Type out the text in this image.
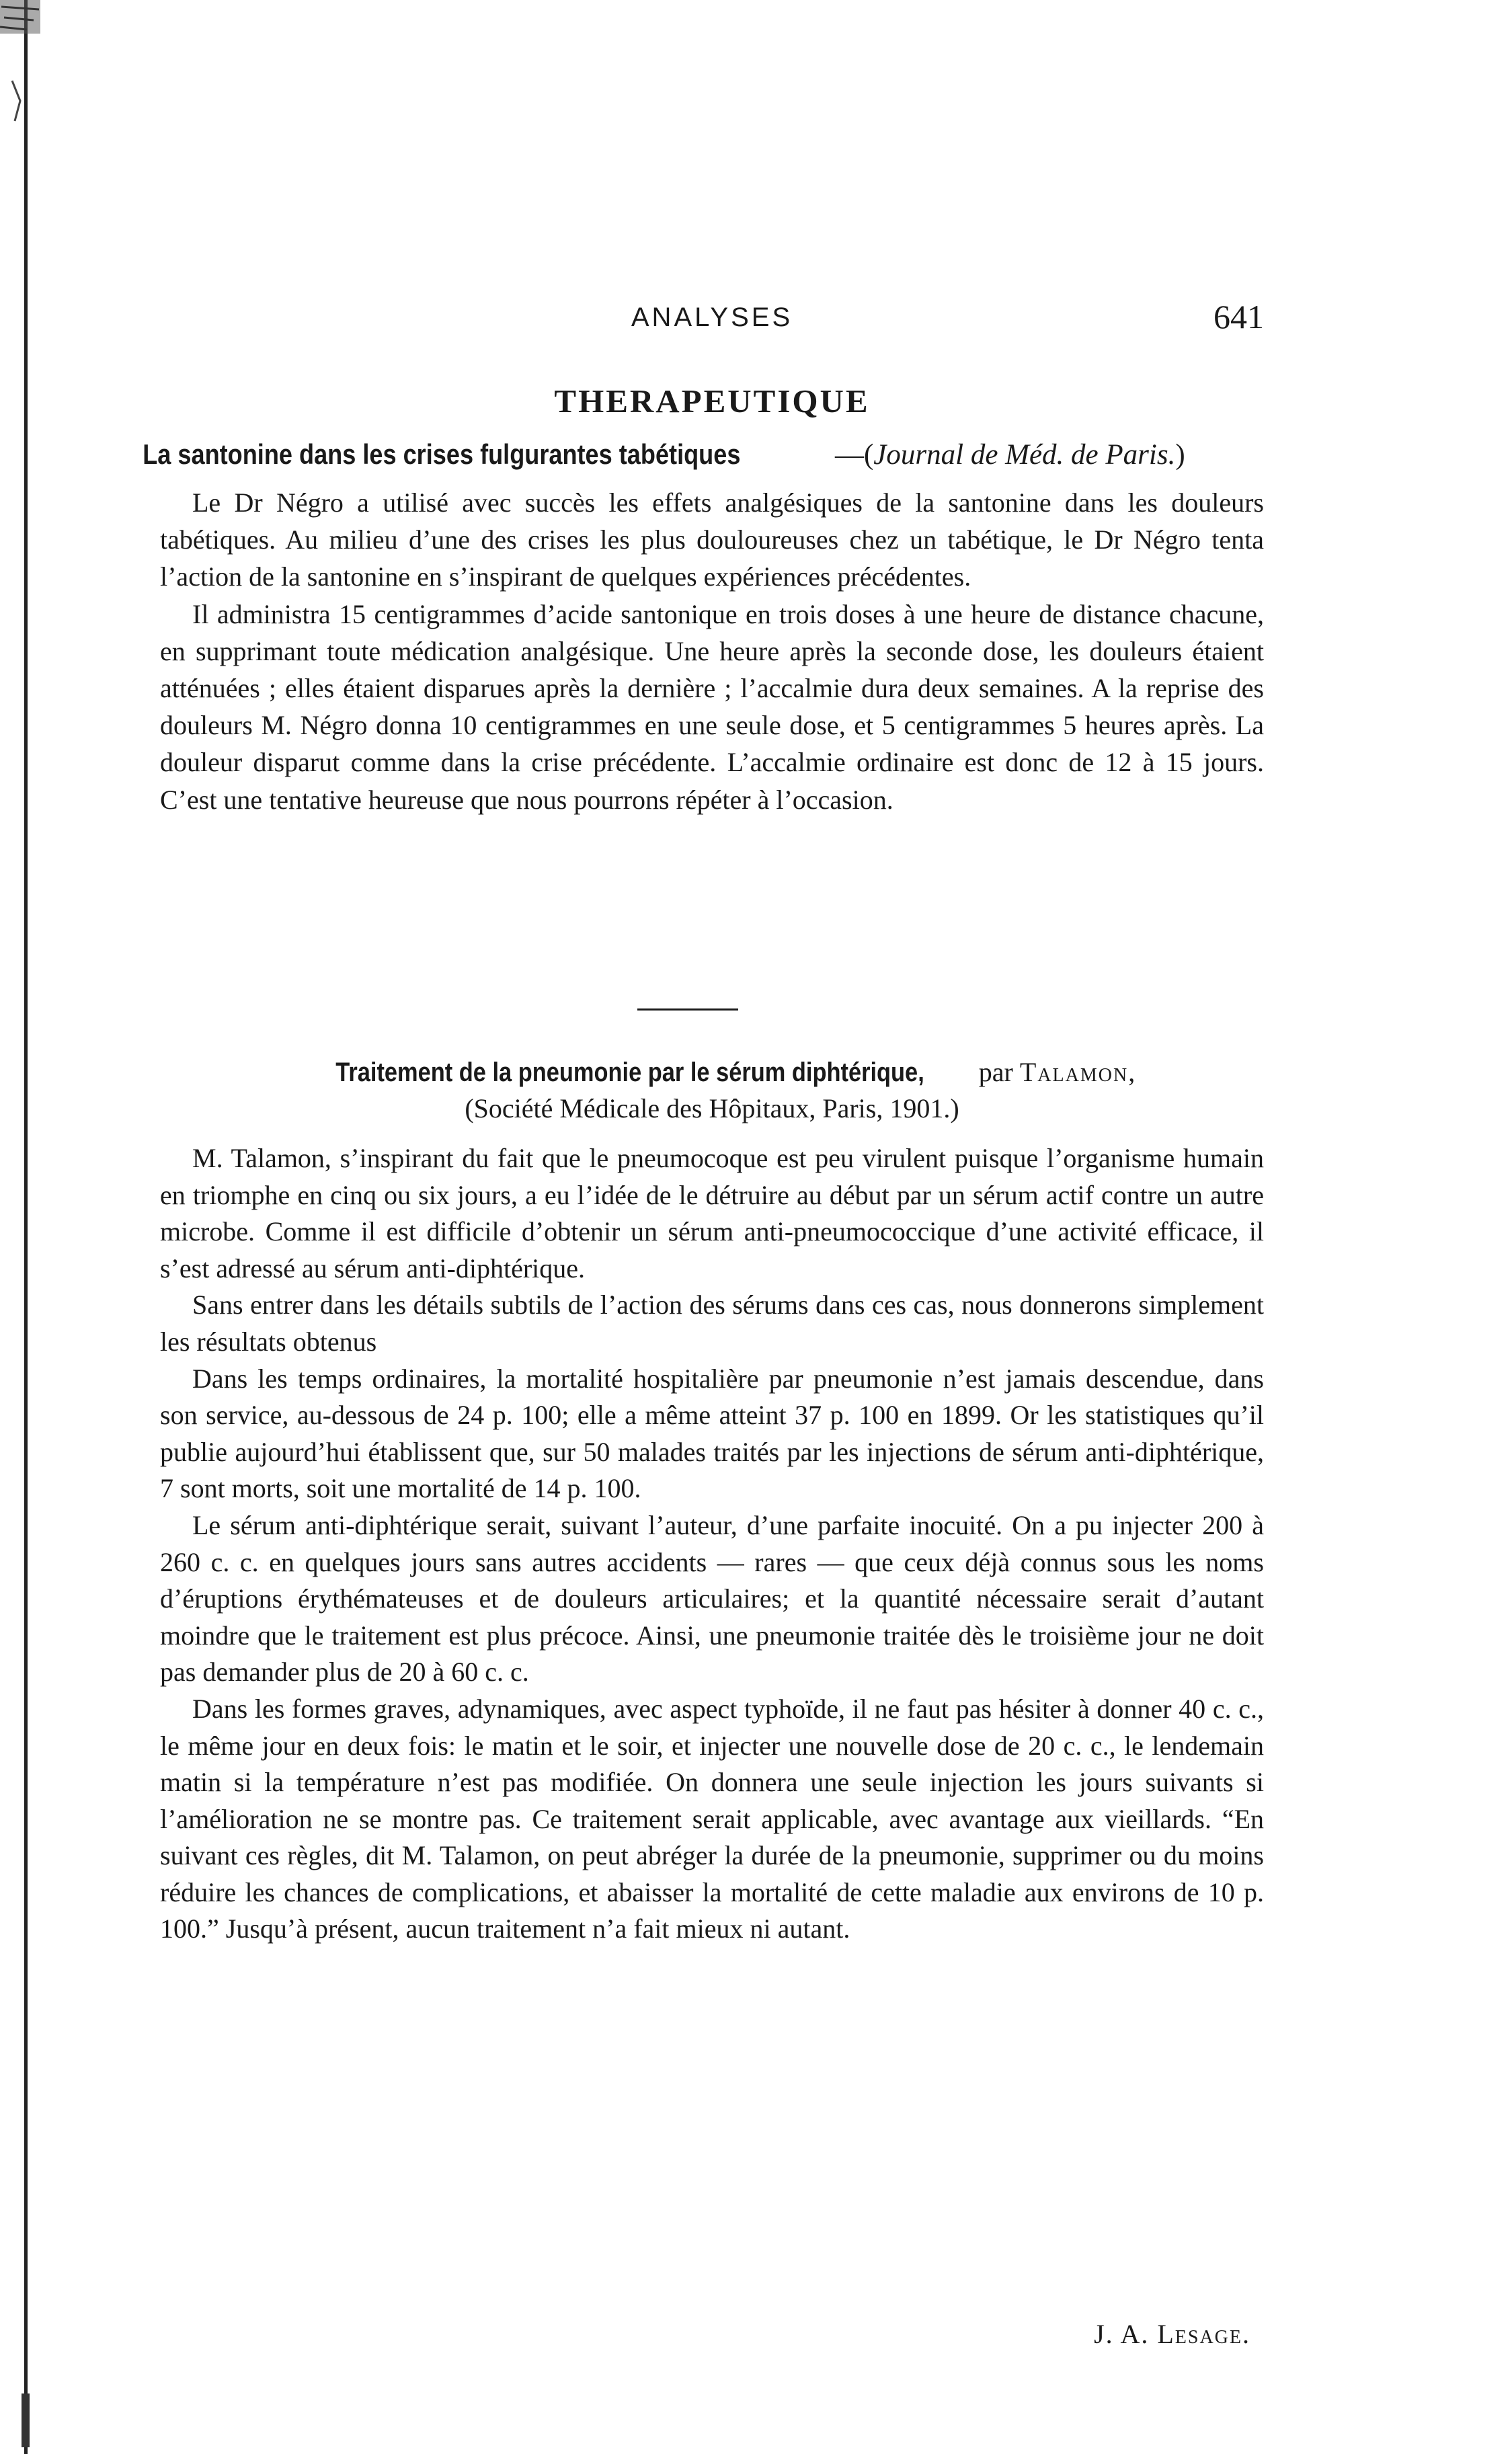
ANALYSES	641
THERAPEUTIQUE
La santonine dans les crises fulgurantes tabétiques	—(Journal de Méd. de Paris.)

Le Dr Négro a utilisé avec succès les effets analgésiques de la santonine dans les douleurs tabétiques. Au milieu d’une des crises les plus douloureuses chez un tabétique, le Dr Négro tenta l’action de la santonine en s’inspirant de quelques expériences précédentes.

Il administra 15 centigrammes d’acide santonique en trois doses à une heure de distance chacune, en supprimant toute médication analgésique. Une heure après la seconde dose, les douleurs étaient atténuées ; elles étaient disparues après la dernière ; l’accalmie dura deux semaines. A la reprise des douleurs M. Négro donna 10 centigrammes en une seule dose, et 5 centigrammes 5 heures après. La douleur disparut comme dans la crise précédente. L’accalmie ordinaire est donc de 12 à 15 jours. C’est une tentative heureuse que nous pourrons répéter à l’occasion.

Traitement de la pneumonie par le sérum diphtérique, par Talamon,
(Société Médicale des Hôpitaux, Paris, 1901.)

M. Talamon, s’inspirant du fait que le pneumocoque est peu virulent puisque l’organisme humain en triomphe en cinq ou six jours, a eu l’idée de le détruire au début par un sérum actif contre un autre microbe. Comme il est difficile d’obtenir un sérum anti-pneumococcique d’une activité efficace, il s’est adressé au sérum anti-diphtérique.

Sans entrer dans les détails subtils de l’action des sérums dans ces cas, nous donnerons simplement les résultats obtenus

Dans les temps ordinaires, la mortalité hospitalière par pneumonie n’est jamais descendue, dans son service, au-dessous de 24 p. 100; elle a même atteint 37 p. 100 en 1899. Or les statistiques qu’il publie aujourd’hui établissent que, sur 50 malades traités par les injections de sérum anti-diphtérique, 7 sont morts, soit une mortalité de 14 p. 100.

Le sérum anti-diphtérique serait, suivant l’auteur, d’une parfaite inocuité. On a pu injecter 200 à 260 c. c. en quelques jours sans autres accidents — rares — que ceux déjà connus sous les noms d’éruptions érythémateuses et de douleurs articulaires; et la quantité nécessaire serait d’autant moindre que le traitement est plus précoce. Ainsi, une pneumonie traitée dès le troisième jour ne doit pas demander plus de 20 à 60 c. c.

Dans les formes graves, adynamiques, avec aspect typhoïde, il ne faut pas hésiter à donner 40 c. c., le même jour en deux fois: le matin et le soir, et injecter une nouvelle dose de 20 c. c., le lendemain matin si la température n’est pas modifiée. On donnera une seule injection les jours suivants si l’amélioration ne se montre pas. Ce traitement serait applicable, avec avantage aux vieillards. “En suivant ces règles, dit M. Talamon, on peut abréger la durée de la pneumonie, supprimer ou du moins réduire les chances de complications, et abaisser la mortalité de cette maladie aux environs de 10 p. 100.” Jusqu’à présent, aucun traitement n’a fait mieux ni autant.

J. A. Lesage.
